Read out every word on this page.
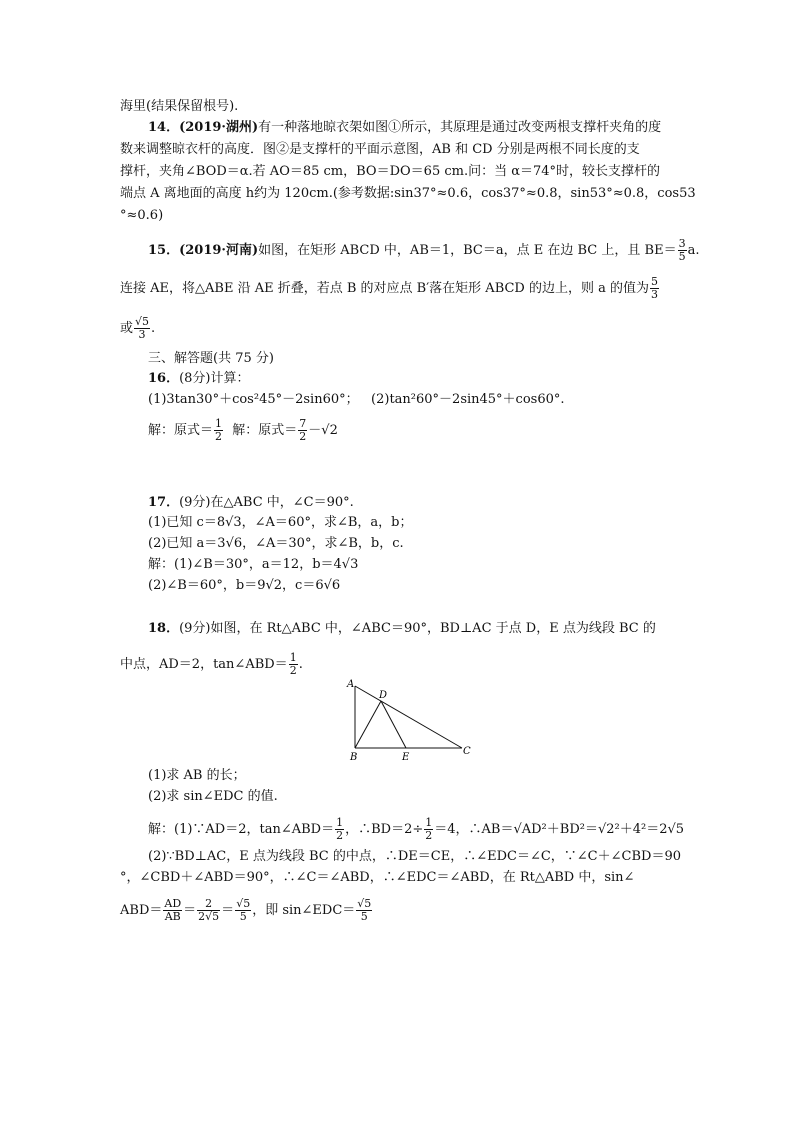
海里(结果保留根号).
14．(2019·湖州)有一种落地晾衣架如图①所示，其原理是通过改变两根支撑杆夹角的度
数来调整晾衣杆的高度．图②是支撑杆的平面示意图，AB 和 CD 分别是两根不同长度的支
撑杆，夹角∠BOD＝α.若 AO＝85 cm，BO＝DO＝65 cm.问：当 α＝74°时，较长支撑杆的
端点 A 离地面的高度 h约为 120cm.(参考数据:sin37°≈0.6，cos37°≈0.8，sin53°≈0.8，cos53
°≈0.6)
15．(2019·河南)如图，在矩形 ABCD 中，AB＝1，BC＝a，点 E 在边 BC 上，且 $BE= \frac{3}{5} a$.
连接 AE，将△ABE 沿 AE 折叠，若点 B 的对应点 B′落在矩形 ABCD 的边上，则 a 的值为 $\frac{5}{3}$
或 $\frac{√5}{3}$ .
三、解答题(共 75 分)
16．(8分)计算：
(1)3tan30°＋cos²45°－2sin60°； (2)tan²60°－2sin45°＋cos60°.
解：原式＝ $\frac{1}{2}$ 解：原式＝ $\frac{7}{2} -√2$
17．(9分)在△ABC 中，∠C＝90°.
(1)已知 c＝8√3，∠A＝60°，求∠B，a，b；
(2)已知 a＝3√6，∠A＝30°，求∠B，b，c.
解：(1)∠B＝30°，a＝12，b＝4√3
(2)∠B＝60°，b＝9√2，c＝6√6
18．(9分)如图，在 Rt△ABC 中，∠ABC＝90°，BD⊥AC 于点 D，E 点为线段 BC 的
中点，AD＝2，tan∠ABD＝ $\frac{1}{2}$ .
A
D
B	E
C
(1)求 AB 的长；
(2)求 sin∠EDC 的值.
解：(1)∵AD＝2，tan∠ABD＝ $\frac{1}{2}$ ，∴BD＝2÷ $\frac{1}{2} =4$，∴AB＝√AD²＋BD²＝√2²＋4²＝2√5
(2)∵BD⊥AC，E 点为线段 BC 的中点，∴DE＝CE，∴∠EDC＝∠C，∵∠C＋∠CBD＝90
°，∠CBD＋∠ABD＝90°，∴∠C＝∠ABD，∴∠EDC＝∠ABD，在 Rt△ABD 中，sin∠
$ABD= \frac{AD}{AB} = \frac{2}{2√5} = \frac{√5}{5}$ ，即 sin∠EDC＝ $\frac{√5}{5}$
